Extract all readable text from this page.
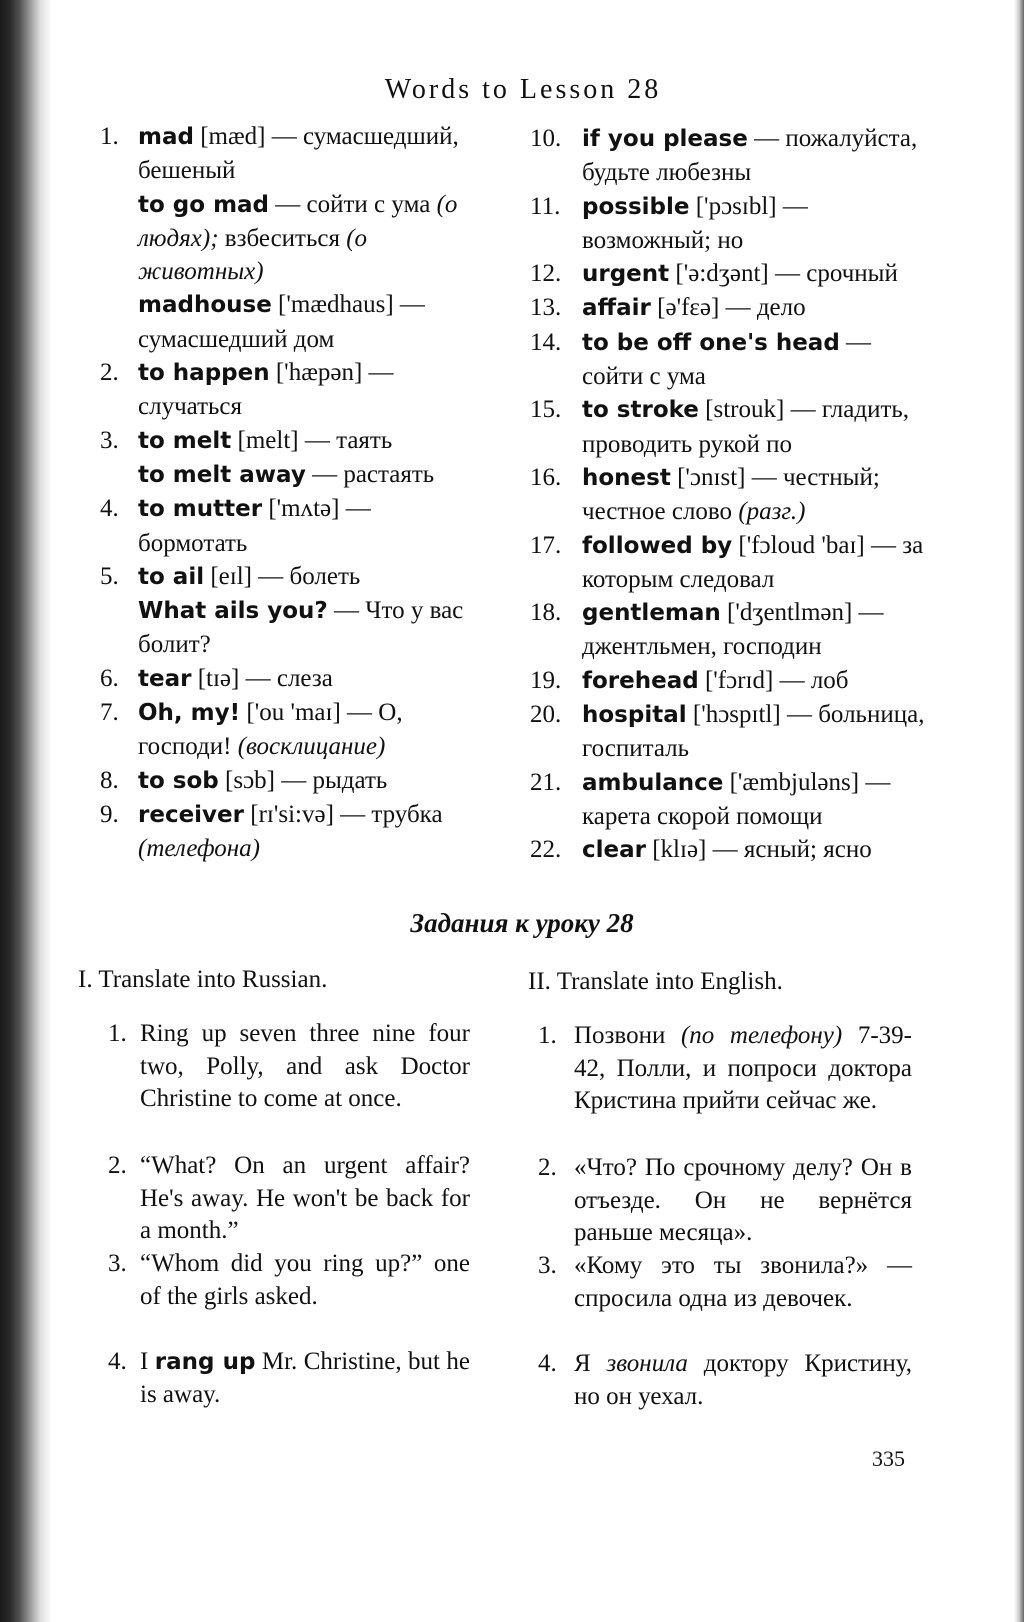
Words to Lesson 28
1. mad [mæd] — сумасшедший, бешеный
to go mad — сойти с ума (о людях); взбеситься (о животных)
madhouse ['mædhaus] — сумасшедший дом
2. to happen ['hæpən] — случаться
3. to melt [melt] — таять
to melt away — растаять
4. to mutter ['mʌtə] — бормотать
5. to ail [eɪl] — болеть
What ails you? — Что у вас болит?
6. tear [tɪə] — слеза
7. Oh, my! ['ou 'maɪ] — О, господи! (восклицание)
8. to sob [sɔb] — рыдать
9. receiver [rɪ'si:və] — трубка (телефона)
10. if you please — пожалуйста, будьте любезны
11. possible ['pɔsɪbl] — возможный; но
12. urgent ['ə:dʒənt] — срочный
13. affair [ə'fɛə] — дело
14. to be off one's head — сойти с ума
15. to stroke [strouk] — гладить, проводить рукой по
16. honest ['ɔnɪst] — честный; честное слово (разг.)
17. followed by ['fɔloud 'baɪ] — за которым следовал
18. gentleman ['dʒentlmən] — джентльмен, господин
19. forehead ['fɔrɪd] — лоб
20. hospital ['hɔspɪtl] — больница, госпиталь
21. ambulance ['æmbjuləns] — карета скорой помощи
22. clear [klɪə] — ясный; ясно
Задания к уроку 28
I. Translate into Russian.	II. Translate into English.
1. Ring up seven three nine four two, Polly, and ask Doctor Christine to come at once.
2. “What? On an urgent affair? He's away. He won't be back for a month.”
3. “Whom did you ring up?” one of the girls asked.
4. I rang up Mr. Christine, but he is away.
1. Позвони (по телефону) 7-39-42, Полли, и попроси доктора Кристина прийти сейчас же.
2. «Что? По срочному делу? Он в отъезде. Он не вернётся раньше месяца».
3. «Кому это ты звонила?» — спросила одна из девочек.
4. Я звонила доктору Кристину, но он уехал.
335
